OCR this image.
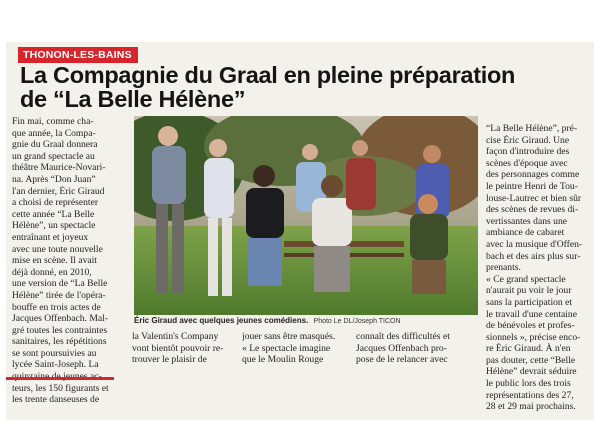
THONON-LES-BAINS
La Compagnie du Graal en pleine préparation
de “La Belle Hélène”
Fin mai, comme cha-
que année, la Compa-
gnie du Graal donnera
un grand spectacle au
théâtre Maurice-Novari-
na. Après “Don Juan”
l'an dernier, Éric Giraud
a choisi de représenter
cette année “La Belle
Hélène”, un spectacle
entraînant et joyeux
avec une toute nouvelle
mise en scène. Il avait
déjà donné, en 2010,
une version de “La Belle
Hélène” tirée de l'opéra-
bouffe en trois actes de
Jacques Offenbach. Mal-
gré toutes les contraintes
sanitaires, les répétitions
se sont poursuivies au
lycée Saint-Joseph. La
teurs, les 150 figurants et
les trente danseuses de
“La Belle Hélène”, pré-
cise Éric Giraud. Une
façon d'introduire des
scènes d'époque avec
des personnages comme
le peintre Henri de Tou-
louse-Lautrec et bien sûr
des scènes de revues di-
vertissantes dans une
ambiance de cabaret
avec la musique d'Offen-
bach et des airs plus sur-
prenants.
« Ce grand spectacle
n'aurait pu voir le jour
sans la participation et
le travail d'une centaine
de bénévoles et profes-
sionnels », précise enco-
re Éric Giraud. À n'en
pas douter, cette “Belle
Hélène” devrait séduire
le public lors des trois
représentations des 27,
28 et 29 mai prochains.
la Valentin's Company
vont bientôt pouvoir re-
trouver le plaisir de
jouer sans être masqués.
« Le spectacle imagine
que le Moulin Rouge
connaît des difficultés et
Jacques Offenbach pro-
pose de le relancer avec
Éric Giraud avec quelques jeunes comédiens. Photo Le DL/Joseph TICON
